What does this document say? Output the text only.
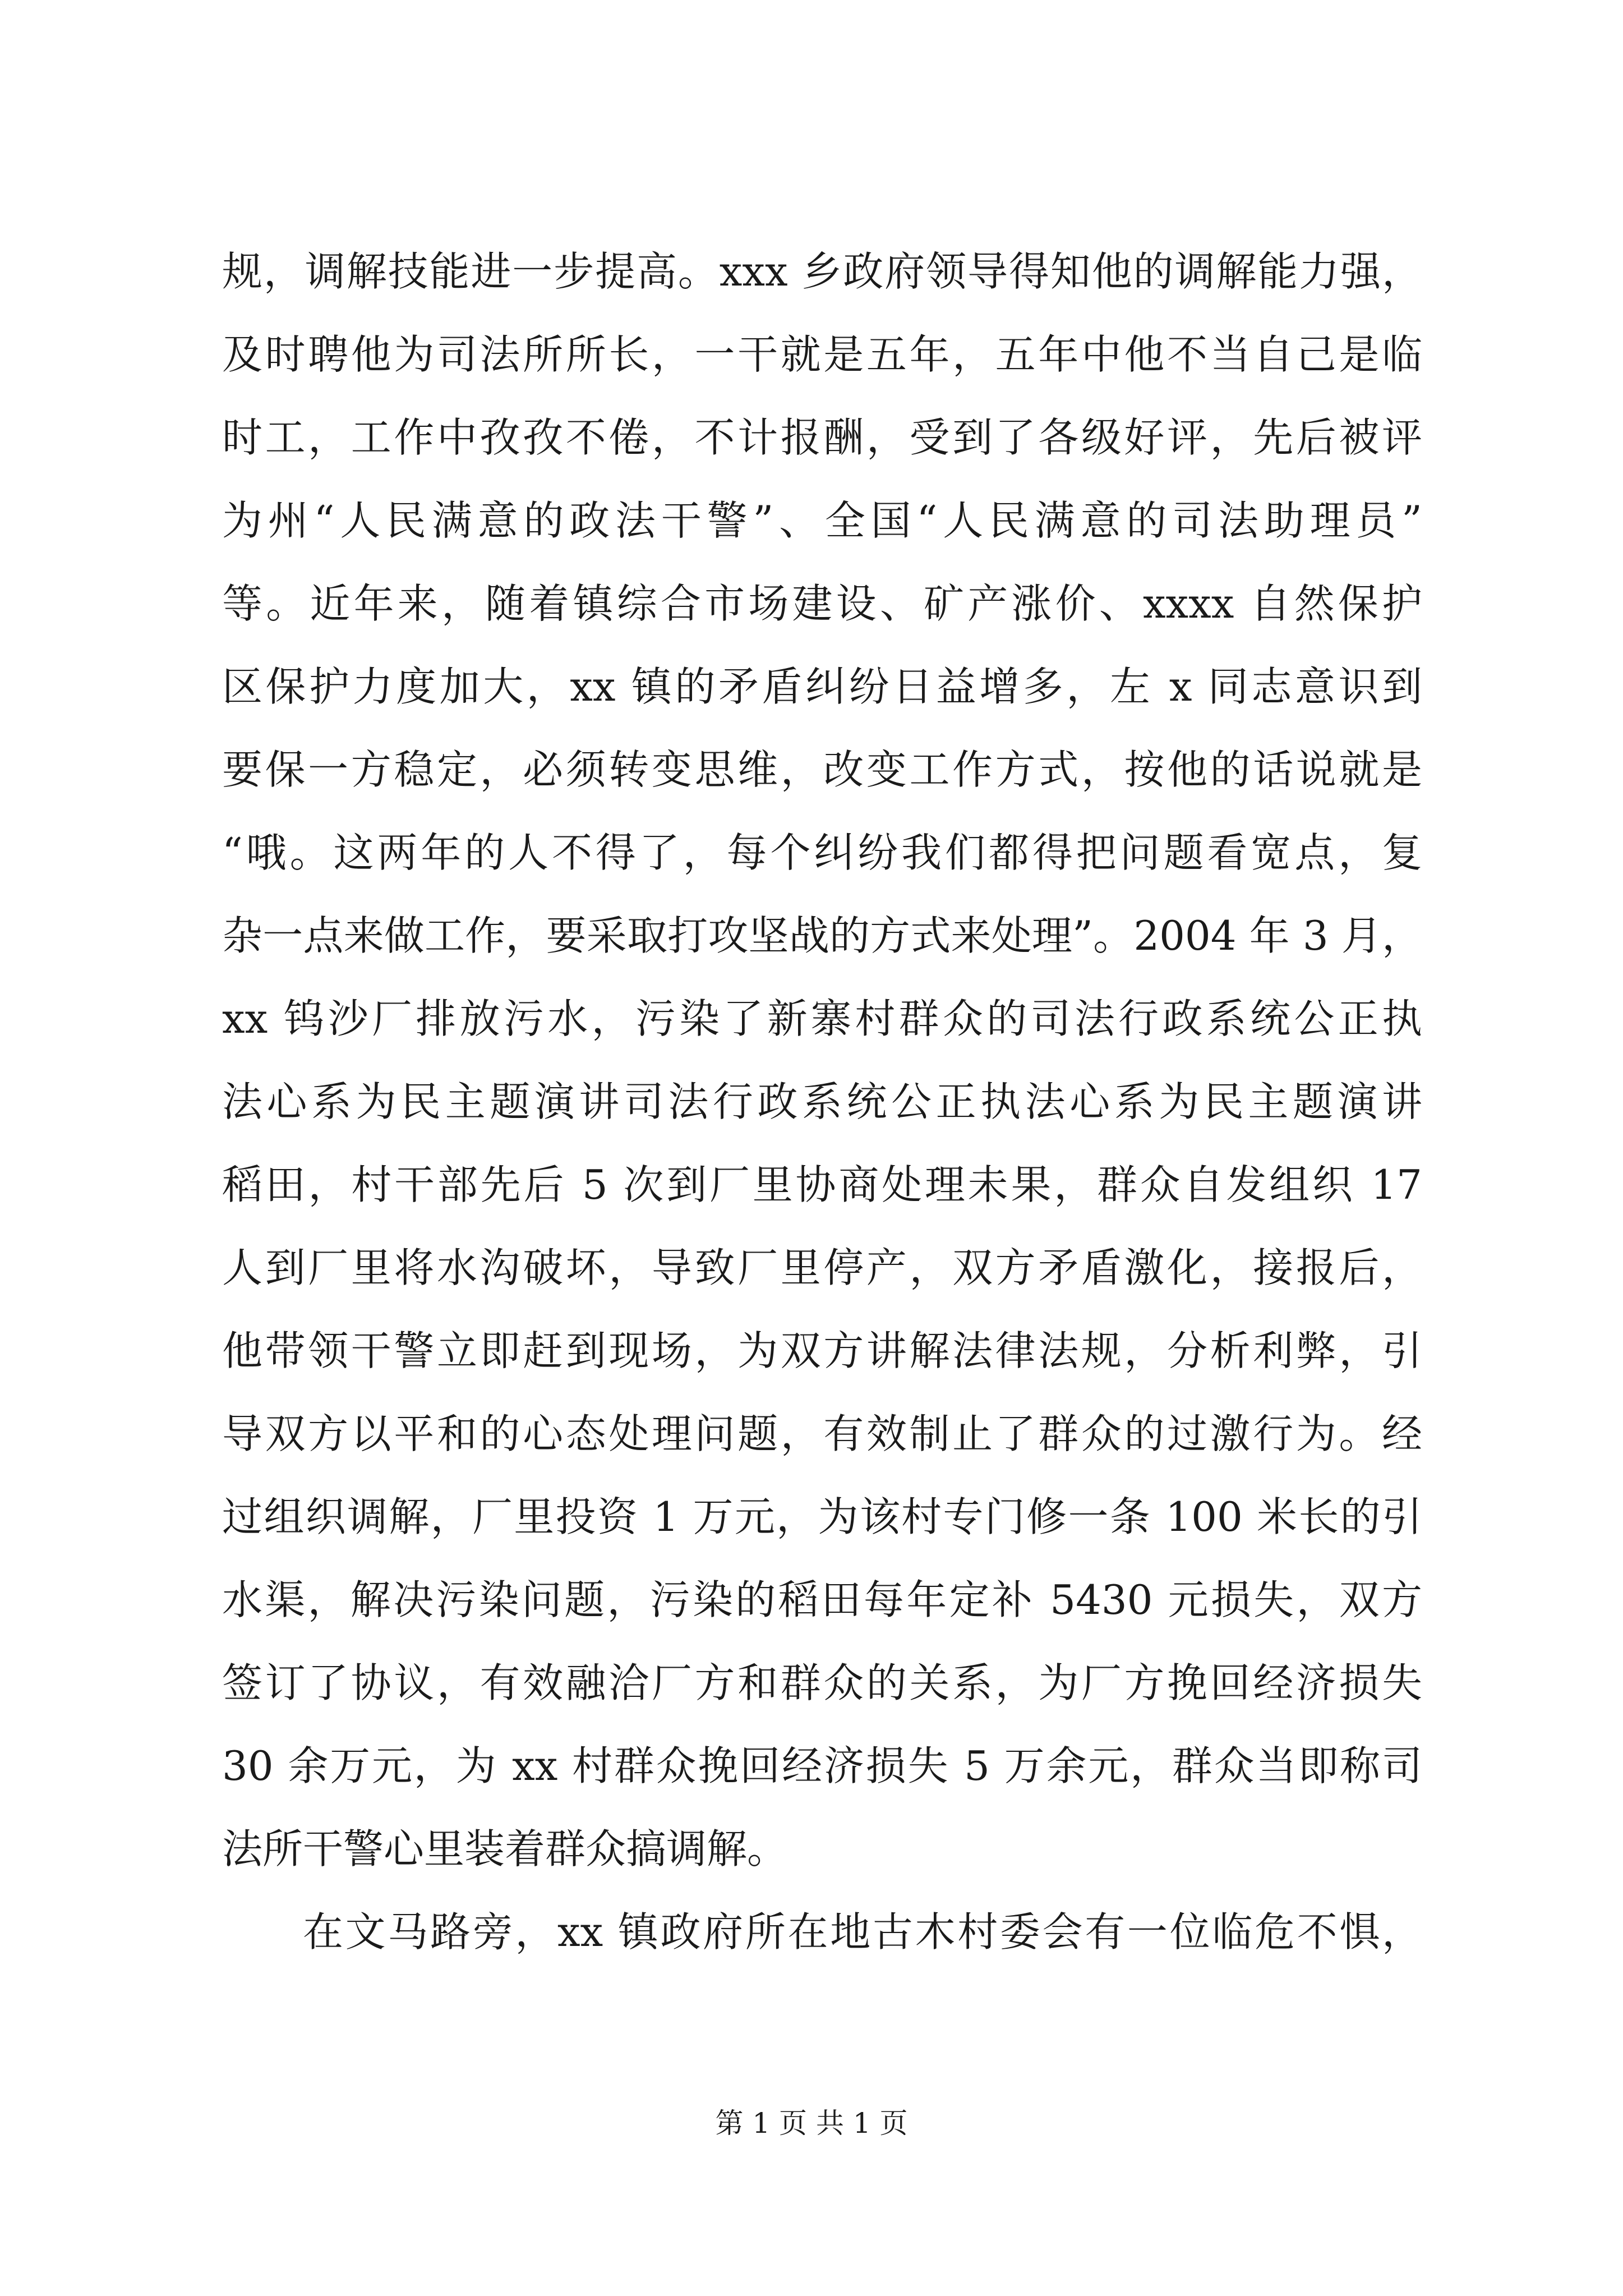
规，调解技能进一步提高。xxx 乡政府领导得知他的调解能力强，

及时聘他为司法所所长，一干就是五年，五年中他不当自己是临

时工，工作中孜孜不倦，不计报酬，受到了各级好评，先后被评

为州“人民满意的政法干警”、全国“人民满意的司法助理员”

等。近年来，随着镇综合市场建设、矿产涨价、xxxx 自然保护

区保护力度加大，xx 镇的矛盾纠纷日益增多，左 x 同志意识到

要保一方稳定，必须转变思维，改变工作方式，按他的话说就是

“哦。这两年的人不得了，每个纠纷我们都得把问题看宽点，复

杂一点来做工作，要采取打攻坚战的方式来处理”。2004 年 3 月，

xx 钨沙厂排放污水，污染了新寨村群众的司法行政系统公正执

法心系为民主题演讲司法行政系统公正执法心系为民主题演讲

稻田，村干部先后 5 次到厂里协商处理未果，群众自发组织 17

人到厂里将水沟破坏，导致厂里停产，双方矛盾激化，接报后，

他带领干警立即赶到现场，为双方讲解法律法规，分析利弊，引

导双方以平和的心态处理问题，有效制止了群众的过激行为。经

过组织调解，厂里投资 1 万元，为该村专门修一条 100 米长的引

水渠，解决污染问题，污染的稻田每年定补 5430 元损失，双方

签订了协议，有效融洽厂方和群众的关系，为厂方挽回经济损失

30 余万元，为 xx 村群众挽回经济损失 5 万余元，群众当即称司

法所干警心里装着群众搞调解。

在文马路旁，xx 镇政府所在地古木村委会有一位临危不惧，

第 1 页 共 1 页
